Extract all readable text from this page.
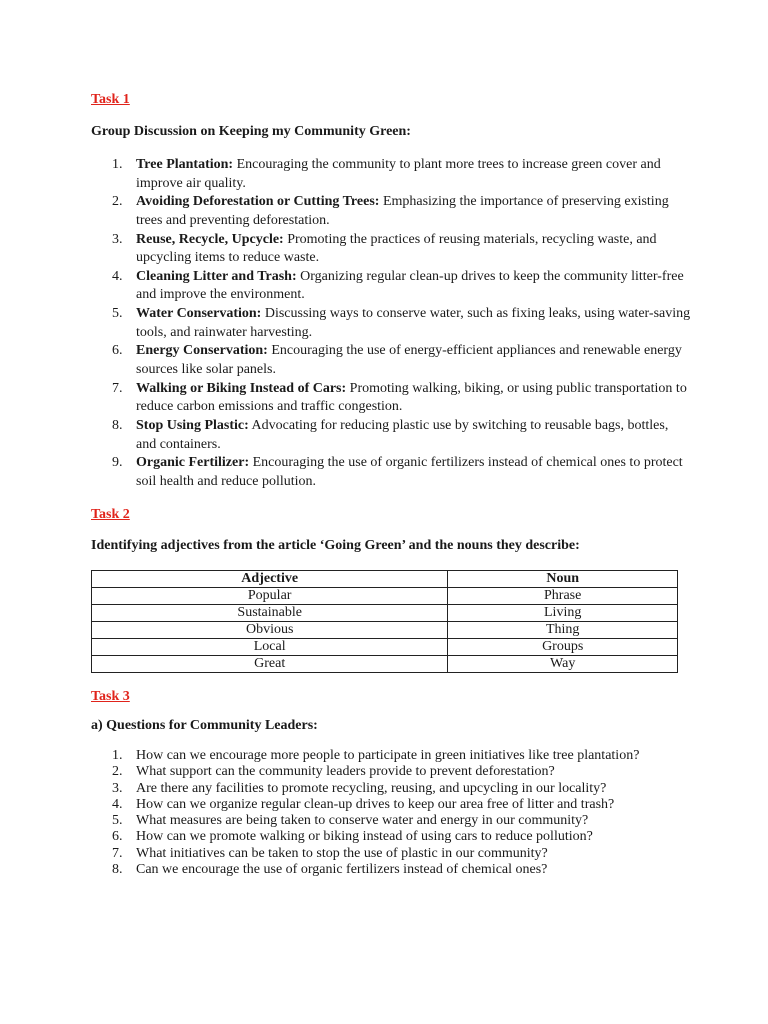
Task 1

Group Discussion on Keeping my Community Green:

1. Tree Plantation: Encouraging the community to plant more trees to increase green cover and improve air quality.
2. Avoiding Deforestation or Cutting Trees: Emphasizing the importance of preserving existing trees and preventing deforestation.
3. Reuse, Recycle, Upcycle: Promoting the practices of reusing materials, recycling waste, and upcycling items to reduce waste.
4. Cleaning Litter and Trash: Organizing regular clean-up drives to keep the community litter-free and improve the environment.
5. Water Conservation: Discussing ways to conserve water, such as fixing leaks, using water-saving tools, and rainwater harvesting.
6. Energy Conservation: Encouraging the use of energy-efficient appliances and renewable energy sources like solar panels.
7. Walking or Biking Instead of Cars: Promoting walking, biking, or using public transportation to reduce carbon emissions and traffic congestion.
8. Stop Using Plastic: Advocating for reducing plastic use by switching to reusable bags, bottles, and containers.
9. Organic Fertilizer: Encouraging the use of organic fertilizers instead of chemical ones to protect soil health and reduce pollution.

Task 2

Identifying adjectives from the article ‘Going Green’ and the nouns they describe:

Adjective	Noun
Popular	Phrase
Sustainable	Living
Obvious	Thing
Local	Groups
Great	Way

Task 3

a) Questions for Community Leaders:

1. How can we encourage more people to participate in green initiatives like tree plantation?
2. What support can the community leaders provide to prevent deforestation?
3. Are there any facilities to promote recycling, reusing, and upcycling in our locality?
4. How can we organize regular clean-up drives to keep our area free of litter and trash?
5. What measures are being taken to conserve water and energy in our community?
6. How can we promote walking or biking instead of using cars to reduce pollution?
7. What initiatives can be taken to stop the use of plastic in our community?
8. Can we encourage the use of organic fertilizers instead of chemical ones?
